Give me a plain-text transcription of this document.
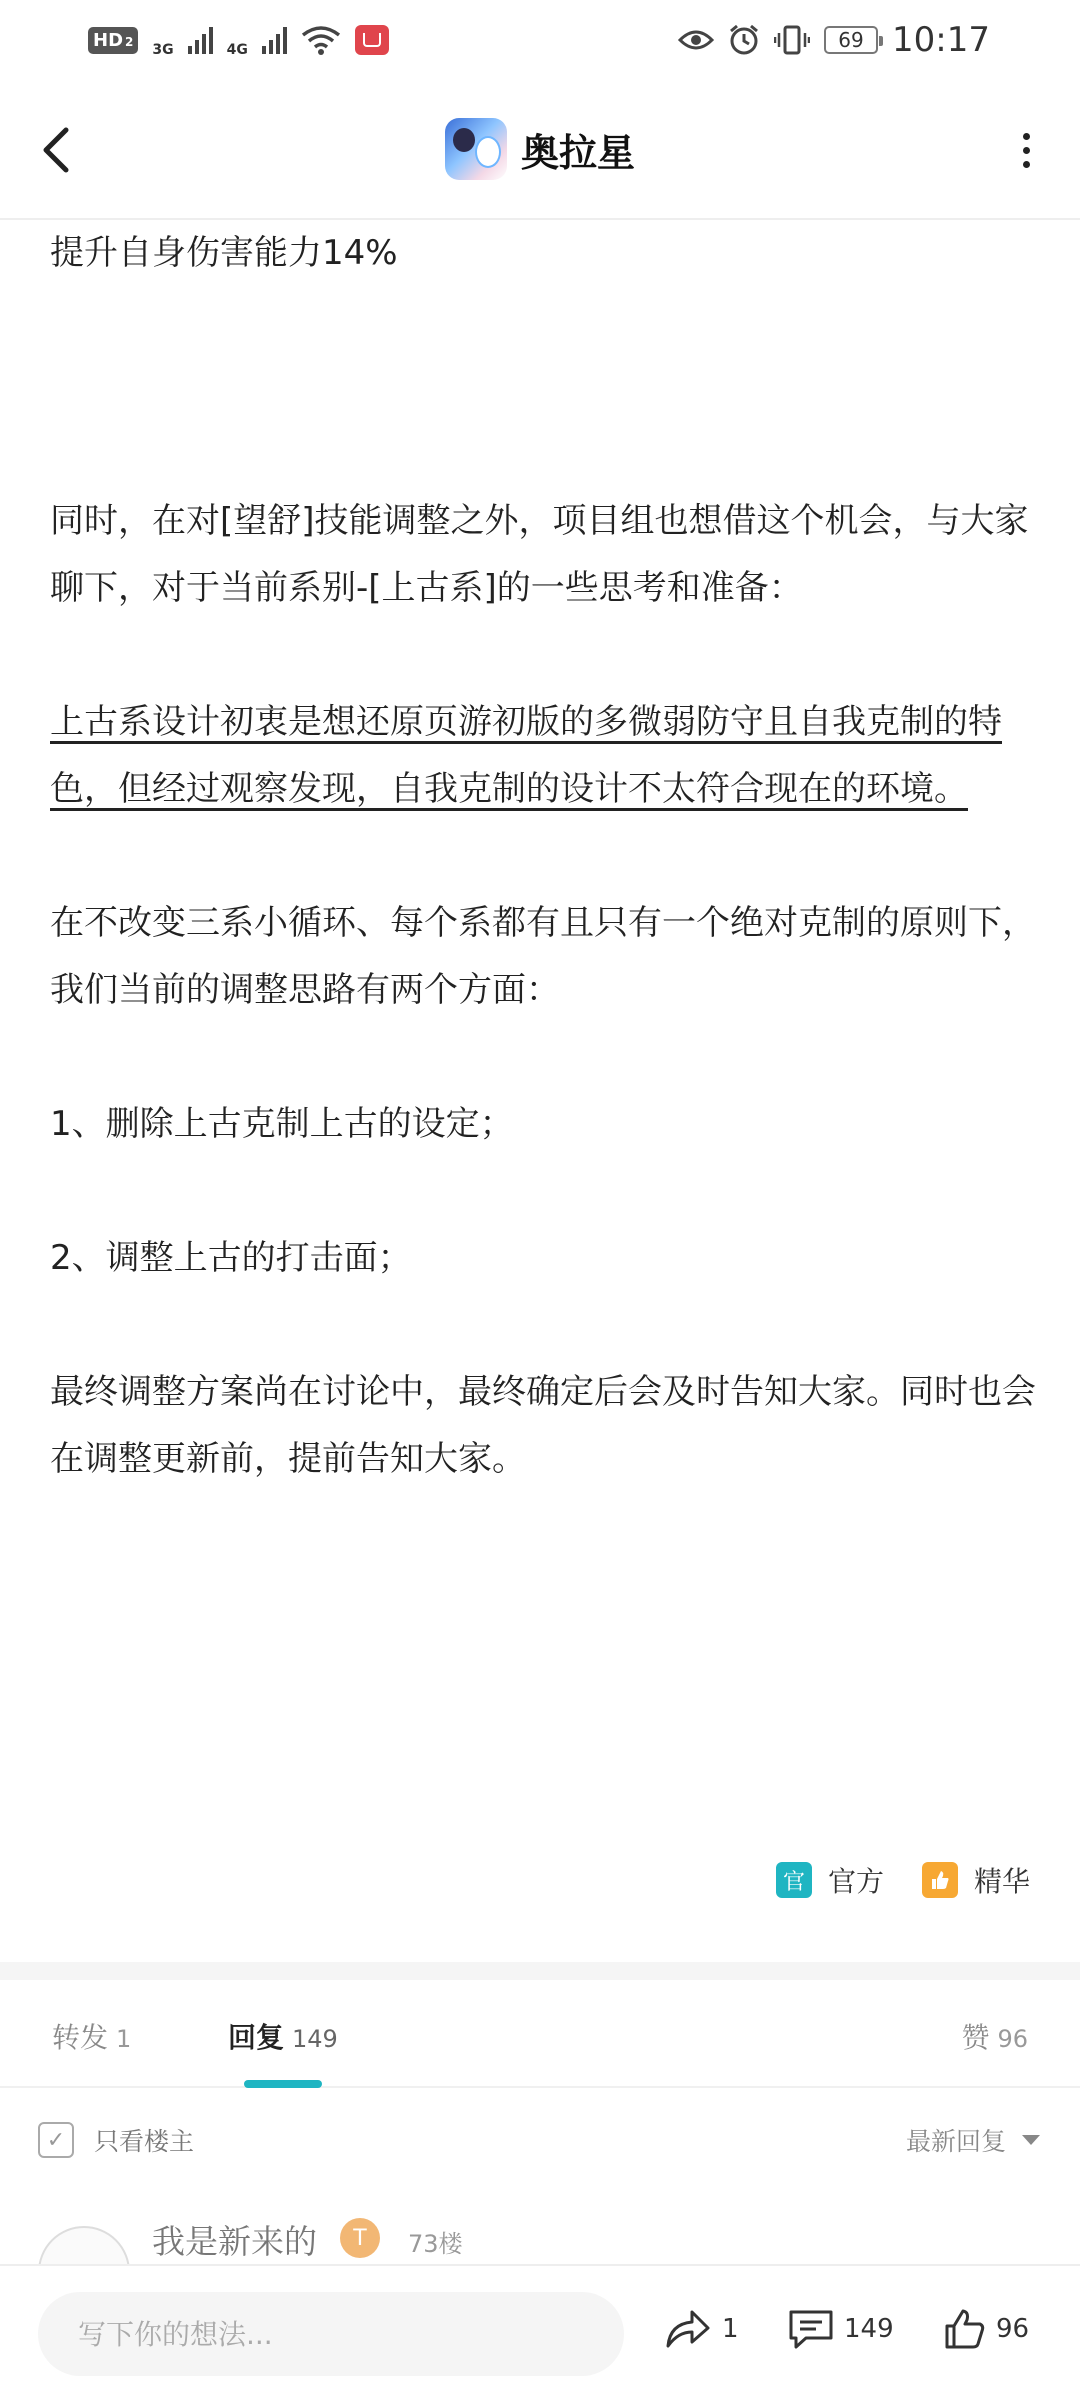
HD 2
3G	4G	69 10:17
奥拉星

提升自身伤害能力14%

同时，在对[望舒]技能调整之外，项目组也想借这个机会，与大家聊下，对于当前系别-[上古系]的一些思考和准备：

上古系设计初衷是想还原页游初版的多微弱防守且自我克制的特色，但经过观察发现，自我克制的设计不太符合现在的环境。

在不改变三系小循环、每个系都有且只有一个绝对克制的原则下，我们当前的调整思路有两个方面：

1、删除上古克制上古的设定；

2、调整上古的打击面；

最终调整方案尚在讨论中，最终确定后会及时告知大家。同时也会在调整更新前，提前告知大家。

官 官方	精华
转发 1	回复 149	赞 96
✓	只看楼主	最新回复
我是新来的	T	73楼
写下你的想法...
1	149	96
